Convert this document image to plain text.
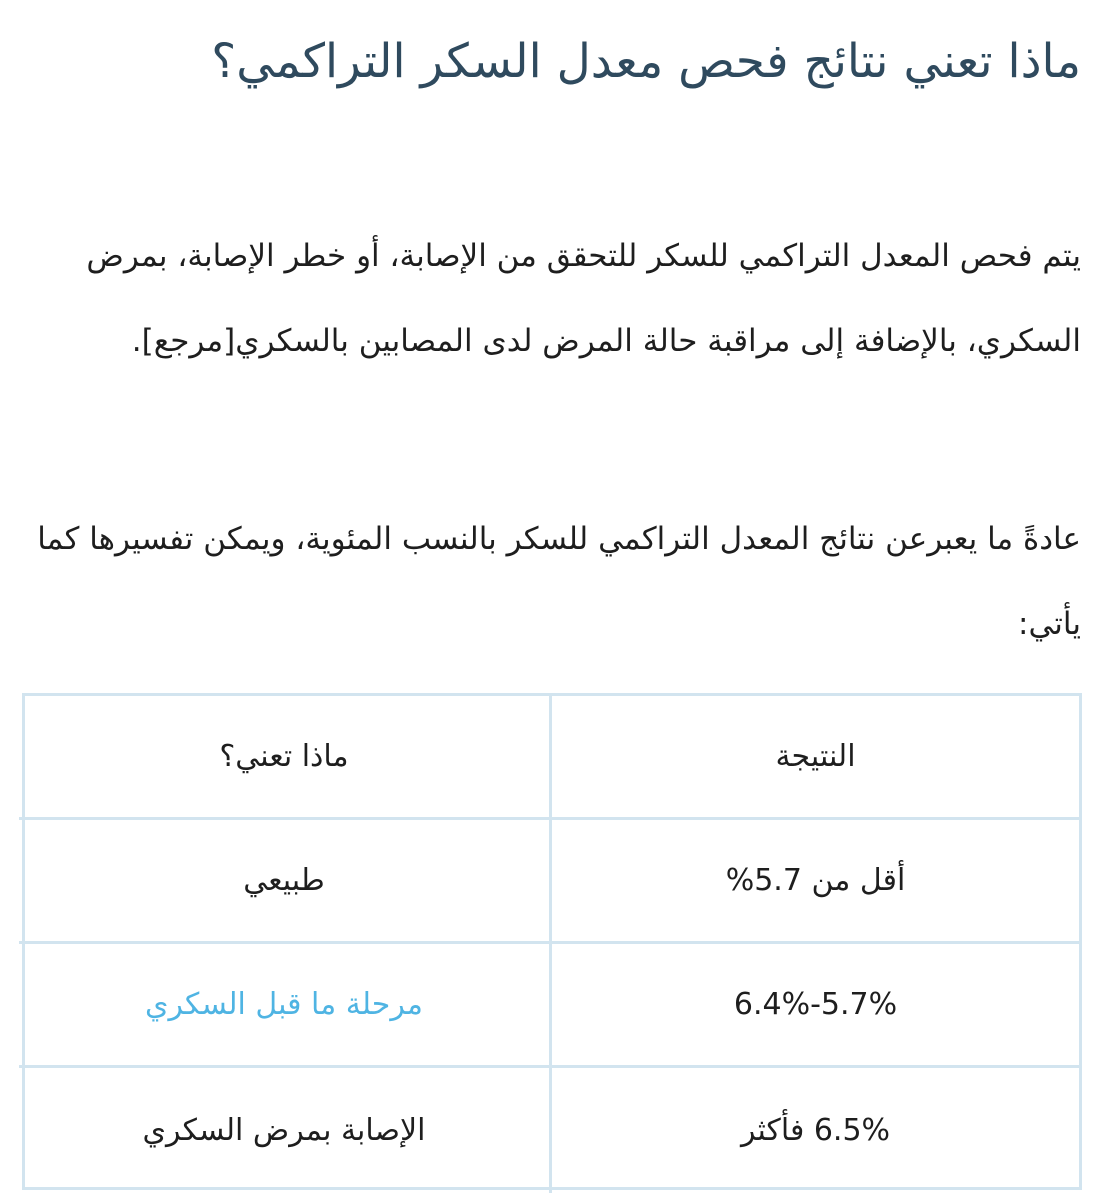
ماذا تعني نتائج فحص معدل السكر التراكمي؟

يتم فحص المعدل التراكمي للسكر للتحقق من الإصابة، أو خطر الإصابة، بمرض السكري، بالإضافة إلى مراقبة حالة المرض لدى المصابين بالسكري[مرجع].

عادةً ما يعبرعن نتائج المعدل التراكمي للسكر بالنسب المئوية، ويمكن تفسيرها كما يأتي:

النتيجة
ماذا تعني؟
أقل من 5.7%
طبيعي
5.7%-6.4%
مرحلة ما قبل السكري
6.5% فأكثر
الإصابة بمرض السكري
